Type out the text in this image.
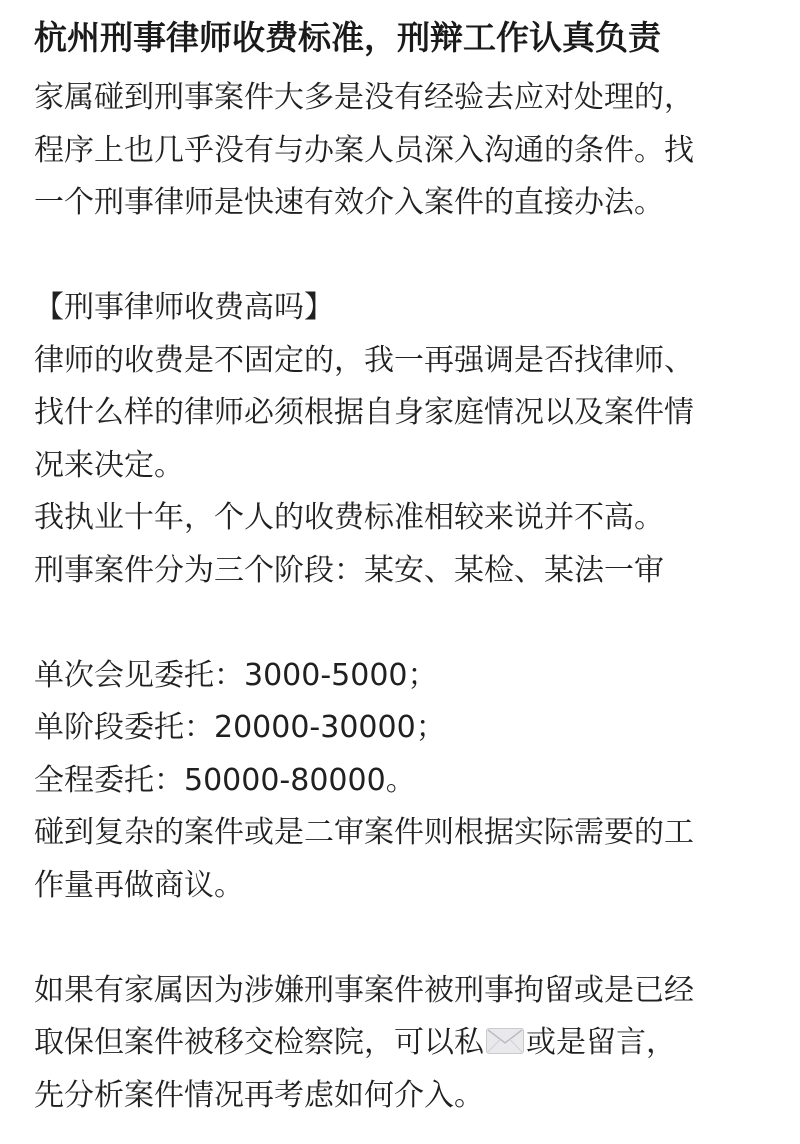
杭州刑事律师收费标准，刑辩工作认真负责
家属碰到刑事案件大多是没有经验去应对处理的，
程序上也几乎没有与办案人员深入沟通的条件。找
一个刑事律师是快速有效介入案件的直接办法。
【刑事律师收费高吗】
律师的收费是不固定的，我一再强调是否找律师、
找什么样的律师必须根据自身家庭情况以及案件情
况来决定。
我执业十年，个人的收费标准相较来说并不高。
刑事案件分为三个阶段：某安、某检、某法一审
单次会见委托：3000-5000；
单阶段委托：20000-30000；
全程委托：50000-80000。
碰到复杂的案件或是二审案件则根据实际需要的工
作量再做商议。
如果有家属因为涉嫌刑事案件被刑事拘留或是已经
取保但案件被移交检察院，可以私 或是留言，
先分析案件情况再考虑如何介入。
